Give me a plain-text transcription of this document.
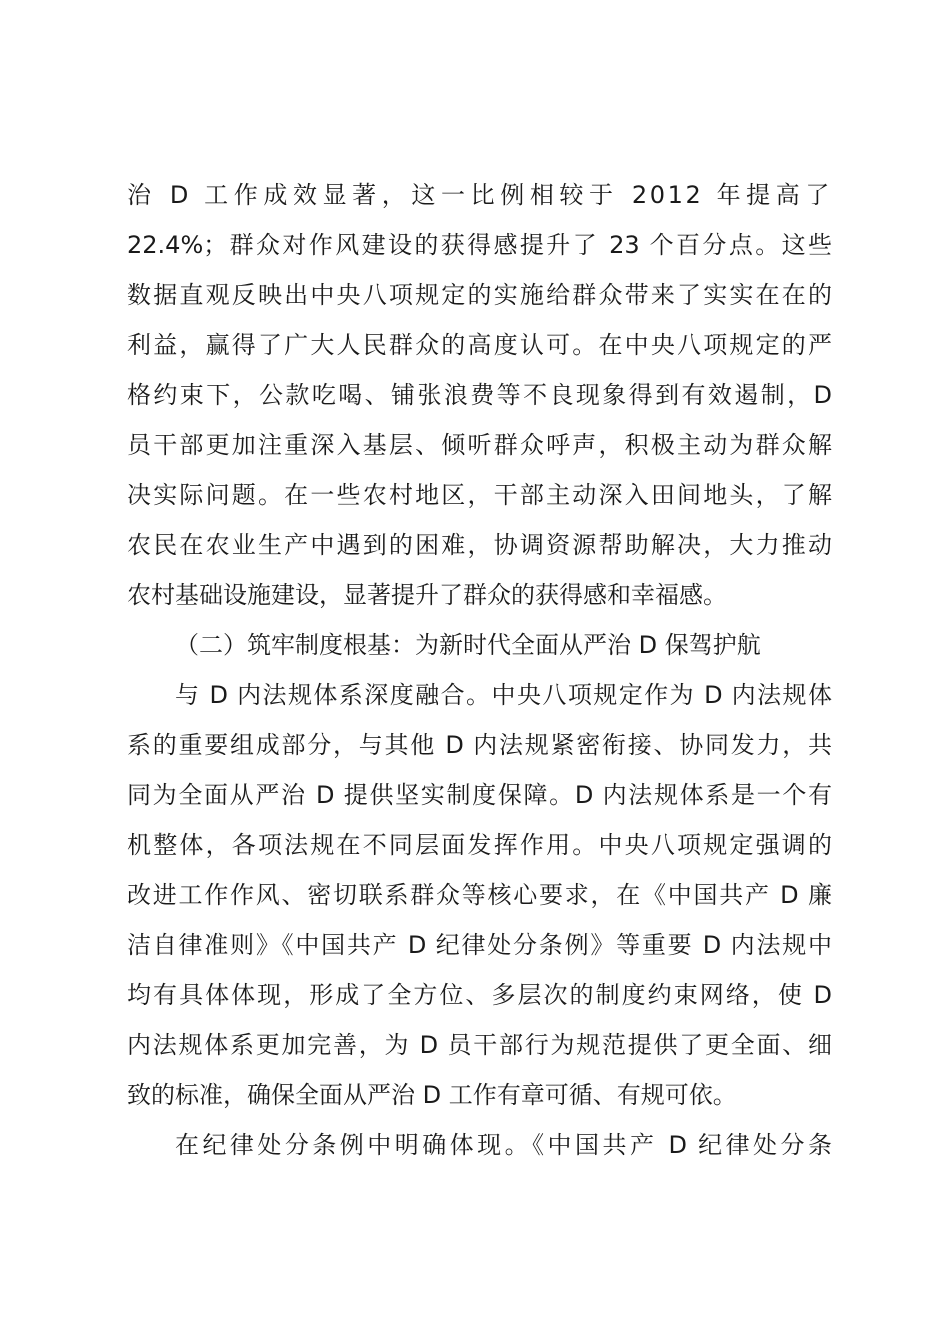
治 D 工作成效显著，这一比例相较于 2012 年提高了
22.4%；群众对作风建设的获得感提升了 23 个百分点。这些
数据直观反映出中央八项规定的实施给群众带来了实实在在的
利益，赢得了广大人民群众的高度认可。在中央八项规定的严
格约束下，公款吃喝、铺张浪费等不良现象得到有效遏制，D
员干部更加注重深入基层、倾听群众呼声，积极主动为群众解
决实际问题。在一些农村地区，干部主动深入田间地头，了解
农民在农业生产中遇到的困难，协调资源帮助解决，大力推动
农村基础设施建设，显著提升了群众的获得感和幸福感。
（二）筑牢制度根基：为新时代全面从严治 D 保驾护航
与 D 内法规体系深度融合。中央八项规定作为 D 内法规体
系的重要组成部分，与其他 D 内法规紧密衔接、协同发力，共
同为全面从严治 D 提供坚实制度保障。D 内法规体系是一个有
机整体，各项法规在不同层面发挥作用。中央八项规定强调的
改进工作作风、密切联系群众等核心要求，在《中国共产 D 廉
洁自律准则》《中国共产 D 纪律处分条例》等重要 D 内法规中
均有具体体现，形成了全方位、多层次的制度约束网络，使 D
内法规体系更加完善，为 D 员干部行为规范提供了更全面、细
致的标准，确保全面从严治 D 工作有章可循、有规可依。
在纪律处分条例中明确体现。《中国共产 D 纪律处分条
